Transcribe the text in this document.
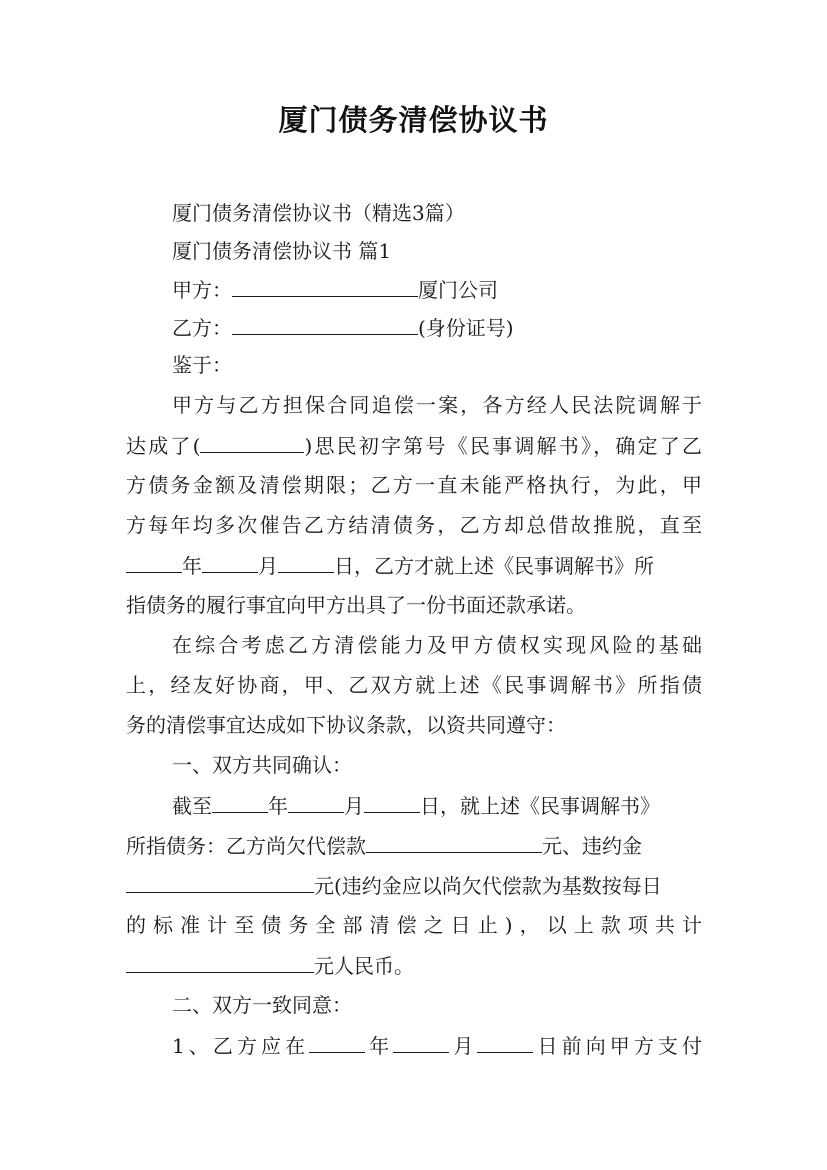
厦门债务清偿协议书
厦门债务清偿协议书（精选3篇）
厦门债务清偿协议书 篇1
甲方：	厦门公司
乙方：	(身份证号)
鉴于：
甲方与乙方担保合同追偿一案，各方经人民法院调解于
达成了(	)思民初字第号《民事调解书》，确定了乙
方债务金额及清偿期限；乙方一直未能严格执行，为此，甲
方每年均多次催告乙方结清债务，乙方却总借故推脱，直至
年	月	日，乙方才就上述《民事调解书》所
指债务的履行事宜向甲方出具了一份书面还款承诺。
在综合考虑乙方清偿能力及甲方债权实现风险的基础
上，经友好协商，甲、乙双方就上述《民事调解书》所指债
务的清偿事宜达成如下协议条款，以资共同遵守：
一、双方共同确认：
截至	年	月	日，就上述《民事调解书》
所指债务：乙方尚欠代偿款	元、违约金
元(违约金应以尚欠代偿款为基数按每日
的标准计至债务全部清偿之日止)，以上款项共计
元人民币。
二、双方一致同意：
1、乙方应在	年	月	日前向甲方支付
